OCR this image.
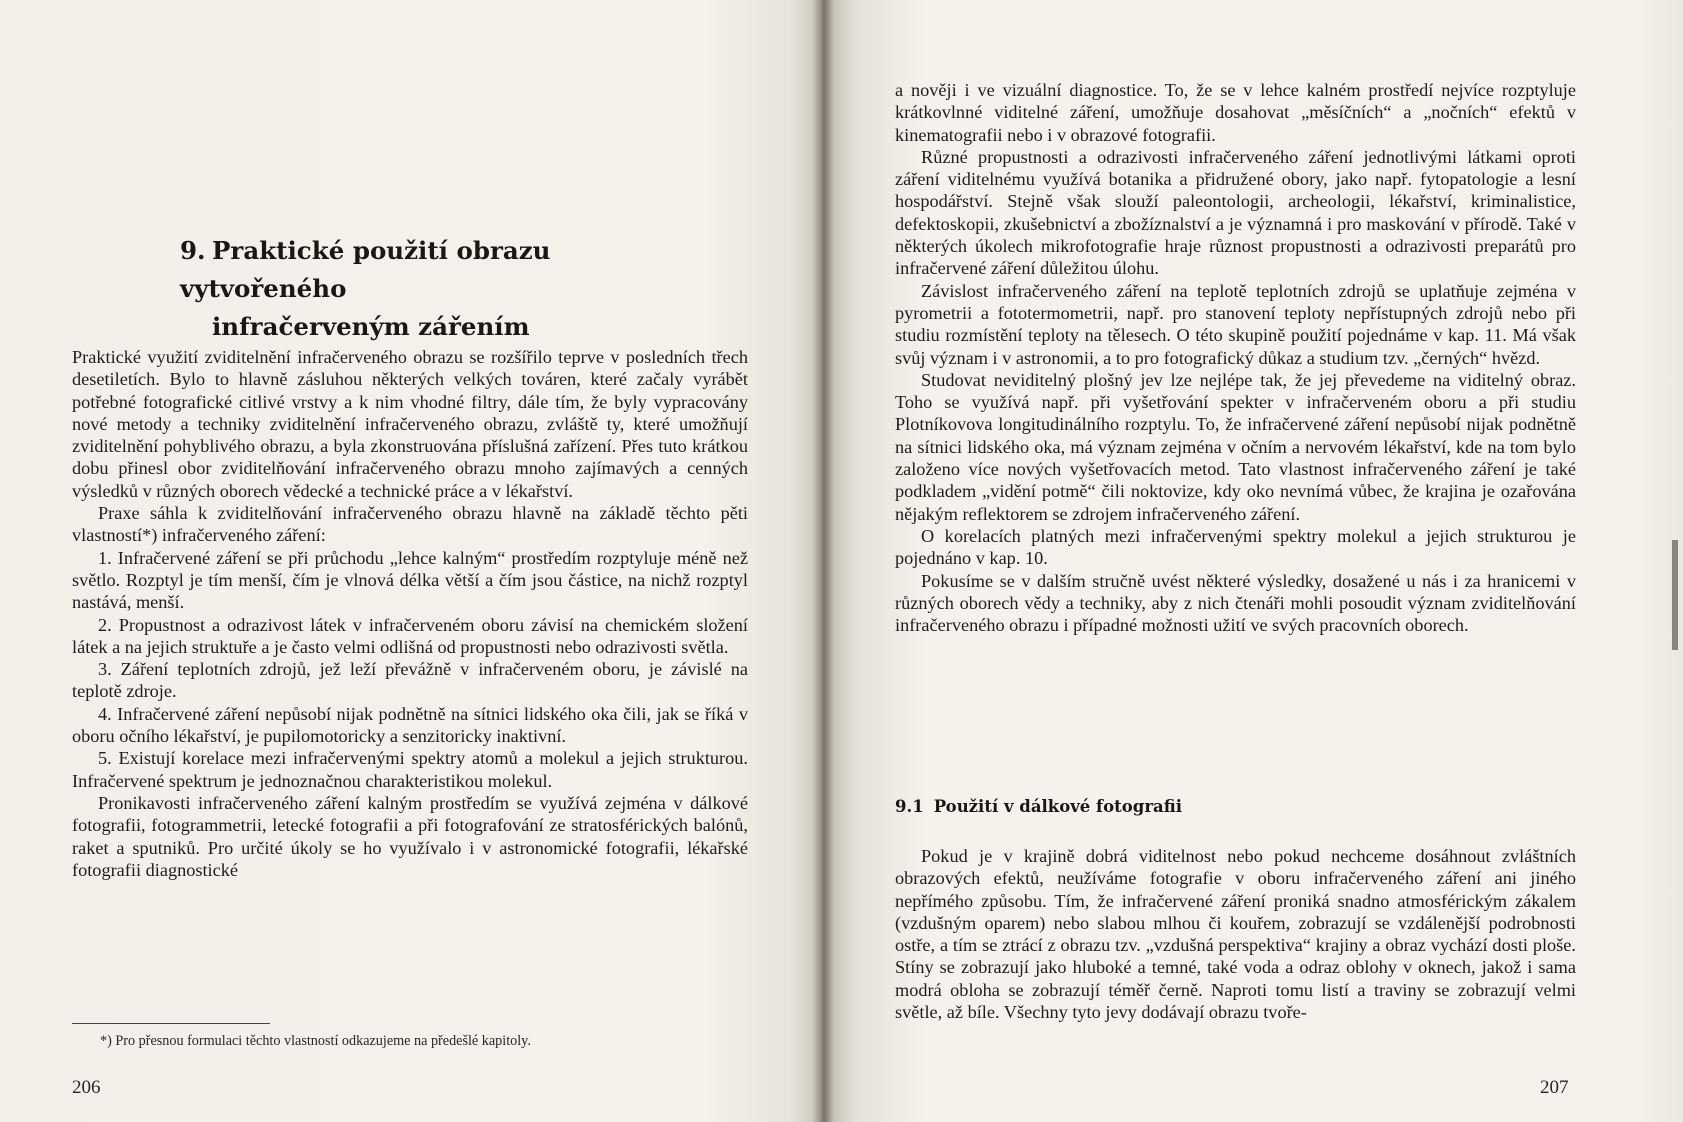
9. Praktické použití obrazu vytvořeného
infračerveným zářením

Praktické využití zviditelnění infračerveného obrazu se rozšířilo teprve v posledních třech desetiletích. Bylo to hlavně zásluhou některých velkých továren, které začaly vyrábět potřebné fotografické citlivé vrstvy a k nim vhodné filtry, dále tím, že byly vypracovány nové metody a techniky zviditelnění infračerveného obrazu, zvláště ty, které umožňují zviditelnění pohyblivého obrazu, a byla zkonstruována příslušná zařízení. Přes tuto krátkou dobu přinesl obor zviditelňování infračerveného obrazu mnoho zajímavých a cenných výsledků v různých oborech vědecké a technické práce a v lékařství.

Praxe sáhla k zviditelňování infračerveného obrazu hlavně na základě těchto pěti vlastností*) infračerveného záření:

1. Infračervené záření se při průchodu „lehce kalným“ prostředím rozptyluje méně než světlo. Rozptyl je tím menší, čím je vlnová délka větší a čím jsou částice, na nichž rozptyl nastává, menší.

2. Propustnost a odrazivost látek v infračerveném oboru závisí na chemickém složení látek a na jejich struktuře a je často velmi odlišná od propustnosti nebo odrazivosti světla.

3. Záření teplotních zdrojů, jež leží převážně v infračerveném oboru, je závislé na teplotě zdroje.

4. Infračervené záření nepůsobí nijak podnětně na sítnici lidského oka čili, jak se říká v oboru očního lékařství, je pupilomotoricky a senzitoricky inaktivní.

5. Existují korelace mezi infračervenými spektry atomů a molekul a jejich strukturou. Infračervené spektrum je jednoznačnou charakteristikou molekul.

Pronikavosti infračerveného záření kalným prostředím se využívá zejména v dálkové fotografii, fotogrammetrii, letecké fotografii a při fotografování ze stratosférických balónů, raket a sputniků. Pro určité úkoly se ho využívalo i v astronomické fotografii, lékařské fotografii diagnostické

*) Pro přesnou formulaci těchto vlastností odkazujeme na předešlé kapitoly.

206

a nověji i ve vizuální diagnostice. To, že se v lehce kalném prostředí nejvíce rozptyluje krátkovlnné viditelné záření, umožňuje dosahovat „měsíčních“ a „nočních“ efektů v kinematografii nebo i v obrazové fotografii.

Různé propustnosti a odrazivosti infračerveného záření jednotlivými látkami oproti záření viditelnému využívá botanika a přidružené obory, jako např. fytopatologie a lesní hospodářství. Stejně však slouží paleontologii, archeologii, lékařství, kriminalistice, defektoskopii, zkušebnictví a zbožíznalství a je významná i pro maskování v přírodě. Také v některých úkolech mikrofotografie hraje různost propustnosti a odrazivosti preparátů pro infračervené záření důležitou úlohu.

Závislost infračerveného záření na teplotě teplotních zdrojů se uplatňuje zejména v pyrometrii a fototermometrii, např. pro stanovení teploty nepřístupných zdrojů nebo při studiu rozmístění teploty na tělesech. O této skupině použití pojednáme v kap. 11. Má však svůj význam i v astronomii, a to pro fotografický důkaz a studium tzv. „černých“ hvězd.

Studovat neviditelný plošný jev lze nejlépe tak, že jej převedeme na viditelný obraz. Toho se využívá např. při vyšetřování spekter v infračerveném oboru a při studiu Plotníkovova longitudinálního rozptylu. To, že infračervené záření nepůsobí nijak podnětně na sítnici lidského oka, má význam zejména v očním a nervovém lékařství, kde na tom bylo založeno více nových vyšetřovacích metod. Tato vlastnost infračerveného záření je také podkladem „vidění potmě“ čili noktovize, kdy oko nevnímá vůbec, že krajina je ozařována nějakým reflektorem se zdrojem infračerveného záření.

O korelacích platných mezi infračervenými spektry molekul a jejich strukturou je pojednáno v kap. 10.

Pokusíme se v dalším stručně uvést některé výsledky, dosažené u nás i za hranicemi v různých oborech vědy a techniky, aby z nich čtenáři mohli posoudit význam zviditelňování infračerveného obrazu i případné možnosti užití ve svých pracovních oborech.

9.1 Použití v dálkové fotografii

Pokud je v krajině dobrá viditelnost nebo pokud nechceme dosáhnout zvláštních obrazových efektů, neužíváme fotografie v oboru infračerveného záření ani jiného nepřímého způsobu. Tím, že infračervené záření proniká snadno atmosférickým zákalem (vzdušným oparem) nebo slabou mlhou či kouřem, zobrazují se vzdálenější podrobnosti ostře, a tím se ztrácí z obrazu tzv. „vzdušná perspektiva“ krajiny a obraz vychází dosti ploše. Stíny se zobrazují jako hluboké a temné, také voda a odraz oblohy v oknech, jakož i sama modrá obloha se zobrazují téměř černě. Naproti tomu listí a traviny se zobrazují velmi světle, až bíle. Všechny tyto jevy dodávají obrazu tvoře-

207
